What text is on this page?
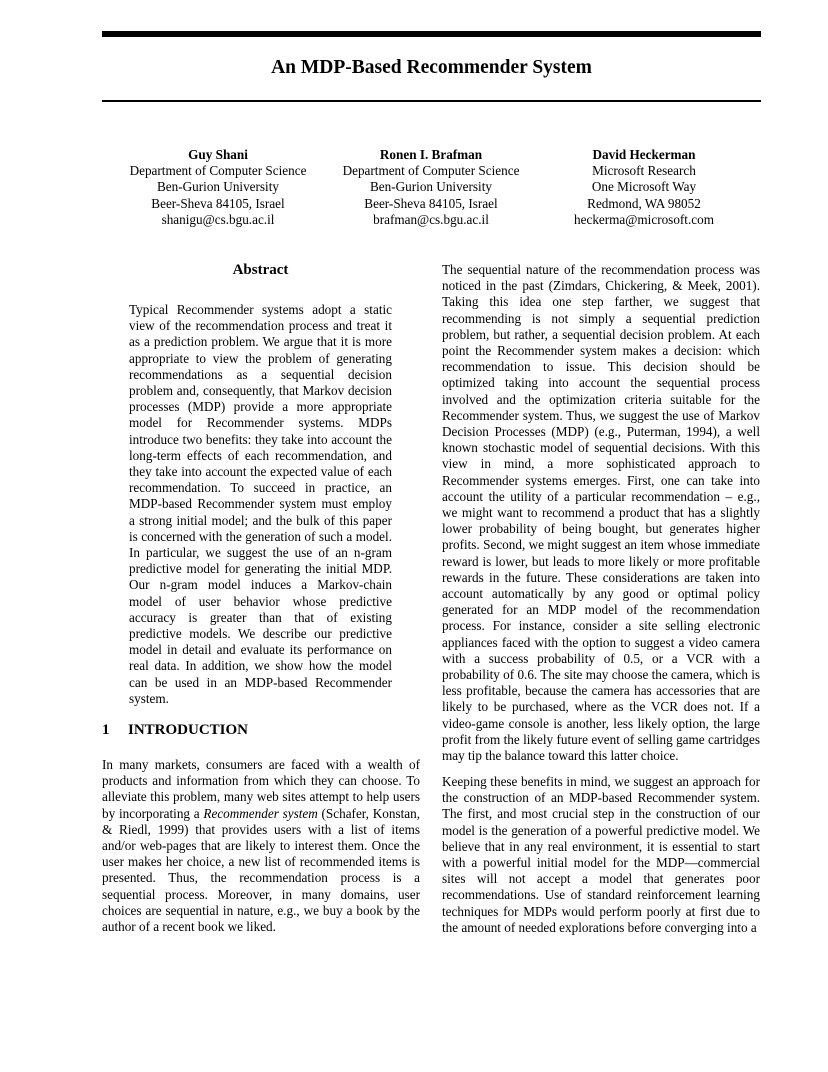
An MDP-Based Recommender System
Guy Shani
Department of Computer Science
Ben-Gurion University
Beer-Sheva 84105, Israel
shanigu@cs.bgu.ac.il
Ronen I. Brafman
Department of Computer Science
Ben-Gurion University
Beer-Sheva 84105, Israel
brafman@cs.bgu.ac.il
David Heckerman
Microsoft Research
One Microsoft Way
Redmond, WA 98052
heckerma@microsoft.com
Abstract

Typical Recommender systems adopt a static view of the recommendation process and treat it as a prediction problem. We argue that it is more appropriate to view the problem of generating recommendations as a sequential decision problem and, consequently, that Markov decision processes (MDP) provide a more appropriate model for Recommender systems. MDPs introduce two benefits: they take into account the long-term effects of each recommendation, and they take into account the expected value of each recommendation. To succeed in practice, an MDP-based Recommender system must employ a strong initial model; and the bulk of this paper is concerned with the generation of such a model. In particular, we suggest the use of an n-gram predictive model for generating the initial MDP. Our n-gram model induces a Markov-chain model of user behavior whose predictive accuracy is greater than that of existing predictive models. We describe our predictive model in detail and evaluate its performance on real data. In addition, we show how the model can be used in an MDP-based Recommender system.

1 INTRODUCTION

In many markets, consumers are faced with a wealth of products and information from which they can choose. To alleviate this problem, many web sites attempt to help users by incorporating a Recommender system (Schafer, Konstan, & Riedl, 1999) that provides users with a list of items and/or web-pages that are likely to interest them. Once the user makes her choice, a new list of recommended items is presented. Thus, the recommendation process is a sequential process. Moreover, in many domains, user choices are sequential in nature, e.g., we buy a book by the author of a recent book we liked.

The sequential nature of the recommendation process was noticed in the past (Zimdars, Chickering, & Meek, 2001). Taking this idea one step farther, we suggest that recommending is not simply a sequential prediction problem, but rather, a sequential decision problem. At each point the Recommender system makes a decision: which recommendation to issue. This decision should be optimized taking into account the sequential process involved and the optimization criteria suitable for the Recommender system. Thus, we suggest the use of Markov Decision Processes (MDP) (e.g., Puterman, 1994), a well known stochastic model of sequential decisions. With this view in mind, a more sophisticated approach to Recommender systems emerges. First, one can take into account the utility of a particular recommendation – e.g., we might want to recommend a product that has a slightly lower probability of being bought, but generates higher profits. Second, we might suggest an item whose immediate reward is lower, but leads to more likely or more profitable rewards in the future. These considerations are taken into account automatically by any good or optimal policy generated for an MDP model of the recommendation process. For instance, consider a site selling electronic appliances faced with the option to suggest a video camera with a success probability of 0.5, or a VCR with a probability of 0.6. The site may choose the camera, which is less profitable, because the camera has accessories that are likely to be purchased, where as the VCR does not. If a video-game console is another, less likely option, the large profit from the likely future event of selling game cartridges may tip the balance toward this latter choice.

Keeping these benefits in mind, we suggest an approach for the construction of an MDP-based Recommender system. The first, and most crucial step in the construction of our model is the generation of a powerful predictive model. We believe that in any real environment, it is essential to start with a powerful initial model for the MDP—commercial sites will not accept a model that generates poor recommendations. Use of standard reinforcement learning techniques for MDPs would perform poorly at first due to the amount of needed explorations before converging into a
